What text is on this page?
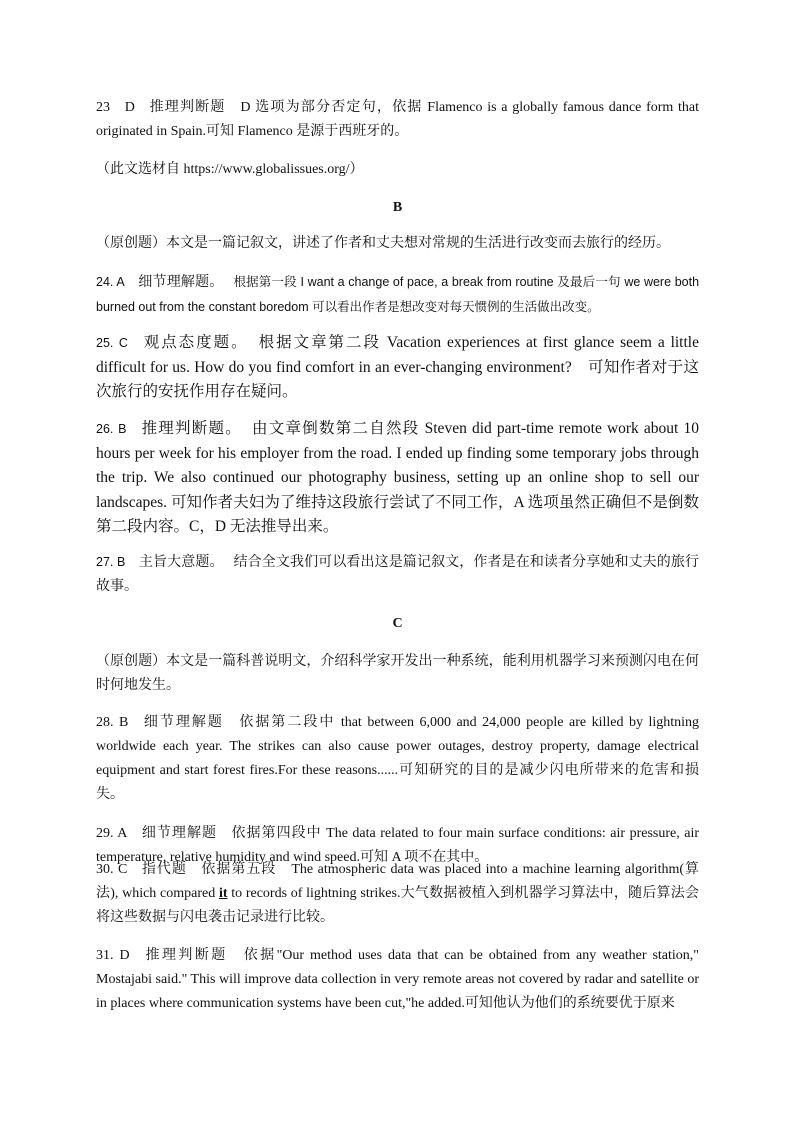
23 D 推理判断题 D 选项为部分否定句，依据 Flamenco is a globally famous dance form that originated in Spain.可知 Flamenco 是源于西班牙的。

（此文选材自 https://www.globalissues.org/）

B

（原创题）本文是一篇记叙文，讲述了作者和丈夫想对常规的生活进行改变而去旅行的经历。

24. A 细节理解题。 根据第一段 I want a change of pace, a break from routine 及最后一句 we were both burned out from the constant boredom 可以看出作者是想改变对每天惯例的生活做出改变。

25. C 观点态度题。 根据文章第二段 Vacation experiences at first glance seem a little difficult for us. How do you find comfort in an ever-changing environment?　可知作者对于这次旅行的安抚作用存在疑问。

26. B 推理判断题。 由文章倒数第二自然段 Steven did part-time remote work about 10 hours per week for his employer from the road. I ended up finding some temporary jobs through the trip. We also continued our photography business, setting up an online shop to sell our landscapes. 可知作者夫妇为了维持这段旅行尝试了不同工作，A 选项虽然正确但不是倒数第二段内容。C，D 无法推导出来。

27. B 主旨大意题。 结合全文我们可以看出这是篇记叙文，作者是在和读者分享她和丈夫的旅行故事。

C

（原创题）本文是一篇科普说明文，介绍科学家开发出一种系统，能利用机器学习来预测闪电在何时何地发生。

28. B 细节理解题 依据第二段中 that between 6,000 and 24,000 people are killed by lightning worldwide each year. The strikes can also cause power outages, destroy property, damage electrical equipment and start forest fires.For these reasons......可知研究的目的是减少闪电所带来的危害和损失。

29. A 细节理解题 依据第四段中 The data related to four main surface conditions: air pressure, air temperature, relative humidity and wind speed.可知 A 项不在其中。

30. C 指代题 依据第五段　The atmospheric data was placed into a machine learning algorithm(算法), which compared it to records of lightning strikes.大气数据被植入到机器学习算法中，随后算法会将这些数据与闪电袭击记录进行比较。

31. D 推理判断题 依据"Our method uses data that can be obtained from any weather station," Mostajabi said." This will improve data collection in very remote areas not covered by radar and satellite or in places where communication systems have been cut,"he added.可知他认为他们的系统要优于原来
